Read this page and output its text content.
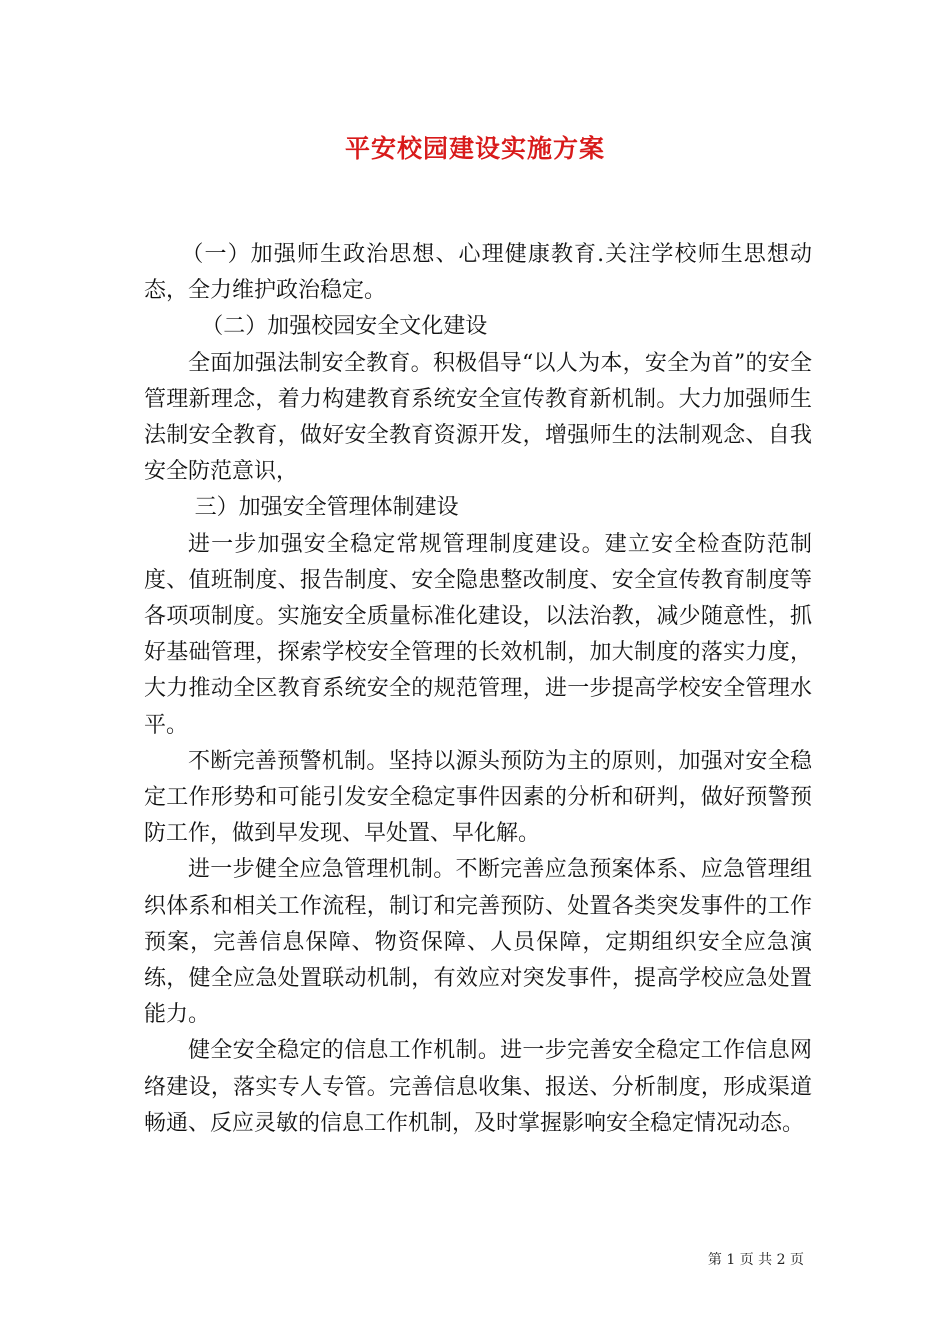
平安校园建设实施方案

（一）加强师生政治思想、心理健康教育.关注学校师生思想动态，全力维护政治稳定。

（二）加强校园安全文化建设

全面加强法制安全教育。积极倡导“以人为本，安全为首”的安全管理新理念，着力构建教育系统安全宣传教育新机制。大力加强师生法制安全教育，做好安全教育资源开发，增强师生的法制观念、自我安全防范意识，

三）加强安全管理体制建设

进一步加强安全稳定常规管理制度建设。建立安全检查防范制度、值班制度、报告制度、安全隐患整改制度、安全宣传教育制度等各项项制度。实施安全质量标准化建设，以法治教，减少随意性，抓好基础管理，探索学校安全管理的长效机制，加大制度的落实力度，大力推动全区教育系统安全的规范管理，进一步提高学校安全管理水平。

不断完善预警机制。坚持以源头预防为主的原则，加强对安全稳定工作形势和可能引发安全稳定事件因素的分析和研判，做好预警预防工作，做到早发现、早处置、早化解。

进一步健全应急管理机制。不断完善应急预案体系、应急管理组织体系和相关工作流程，制订和完善预防、处置各类突发事件的工作预案，完善信息保障、物资保障、人员保障，定期组织安全应急演练，健全应急处置联动机制，有效应对突发事件，提高学校应急处置能力。

健全安全稳定的信息工作机制。进一步完善安全稳定工作信息网络建设，落实专人专管。完善信息收集、报送、分析制度，形成渠道畅通、反应灵敏的信息工作机制，及时掌握影响安全稳定情况动态。

第 1 页 共 2 页
